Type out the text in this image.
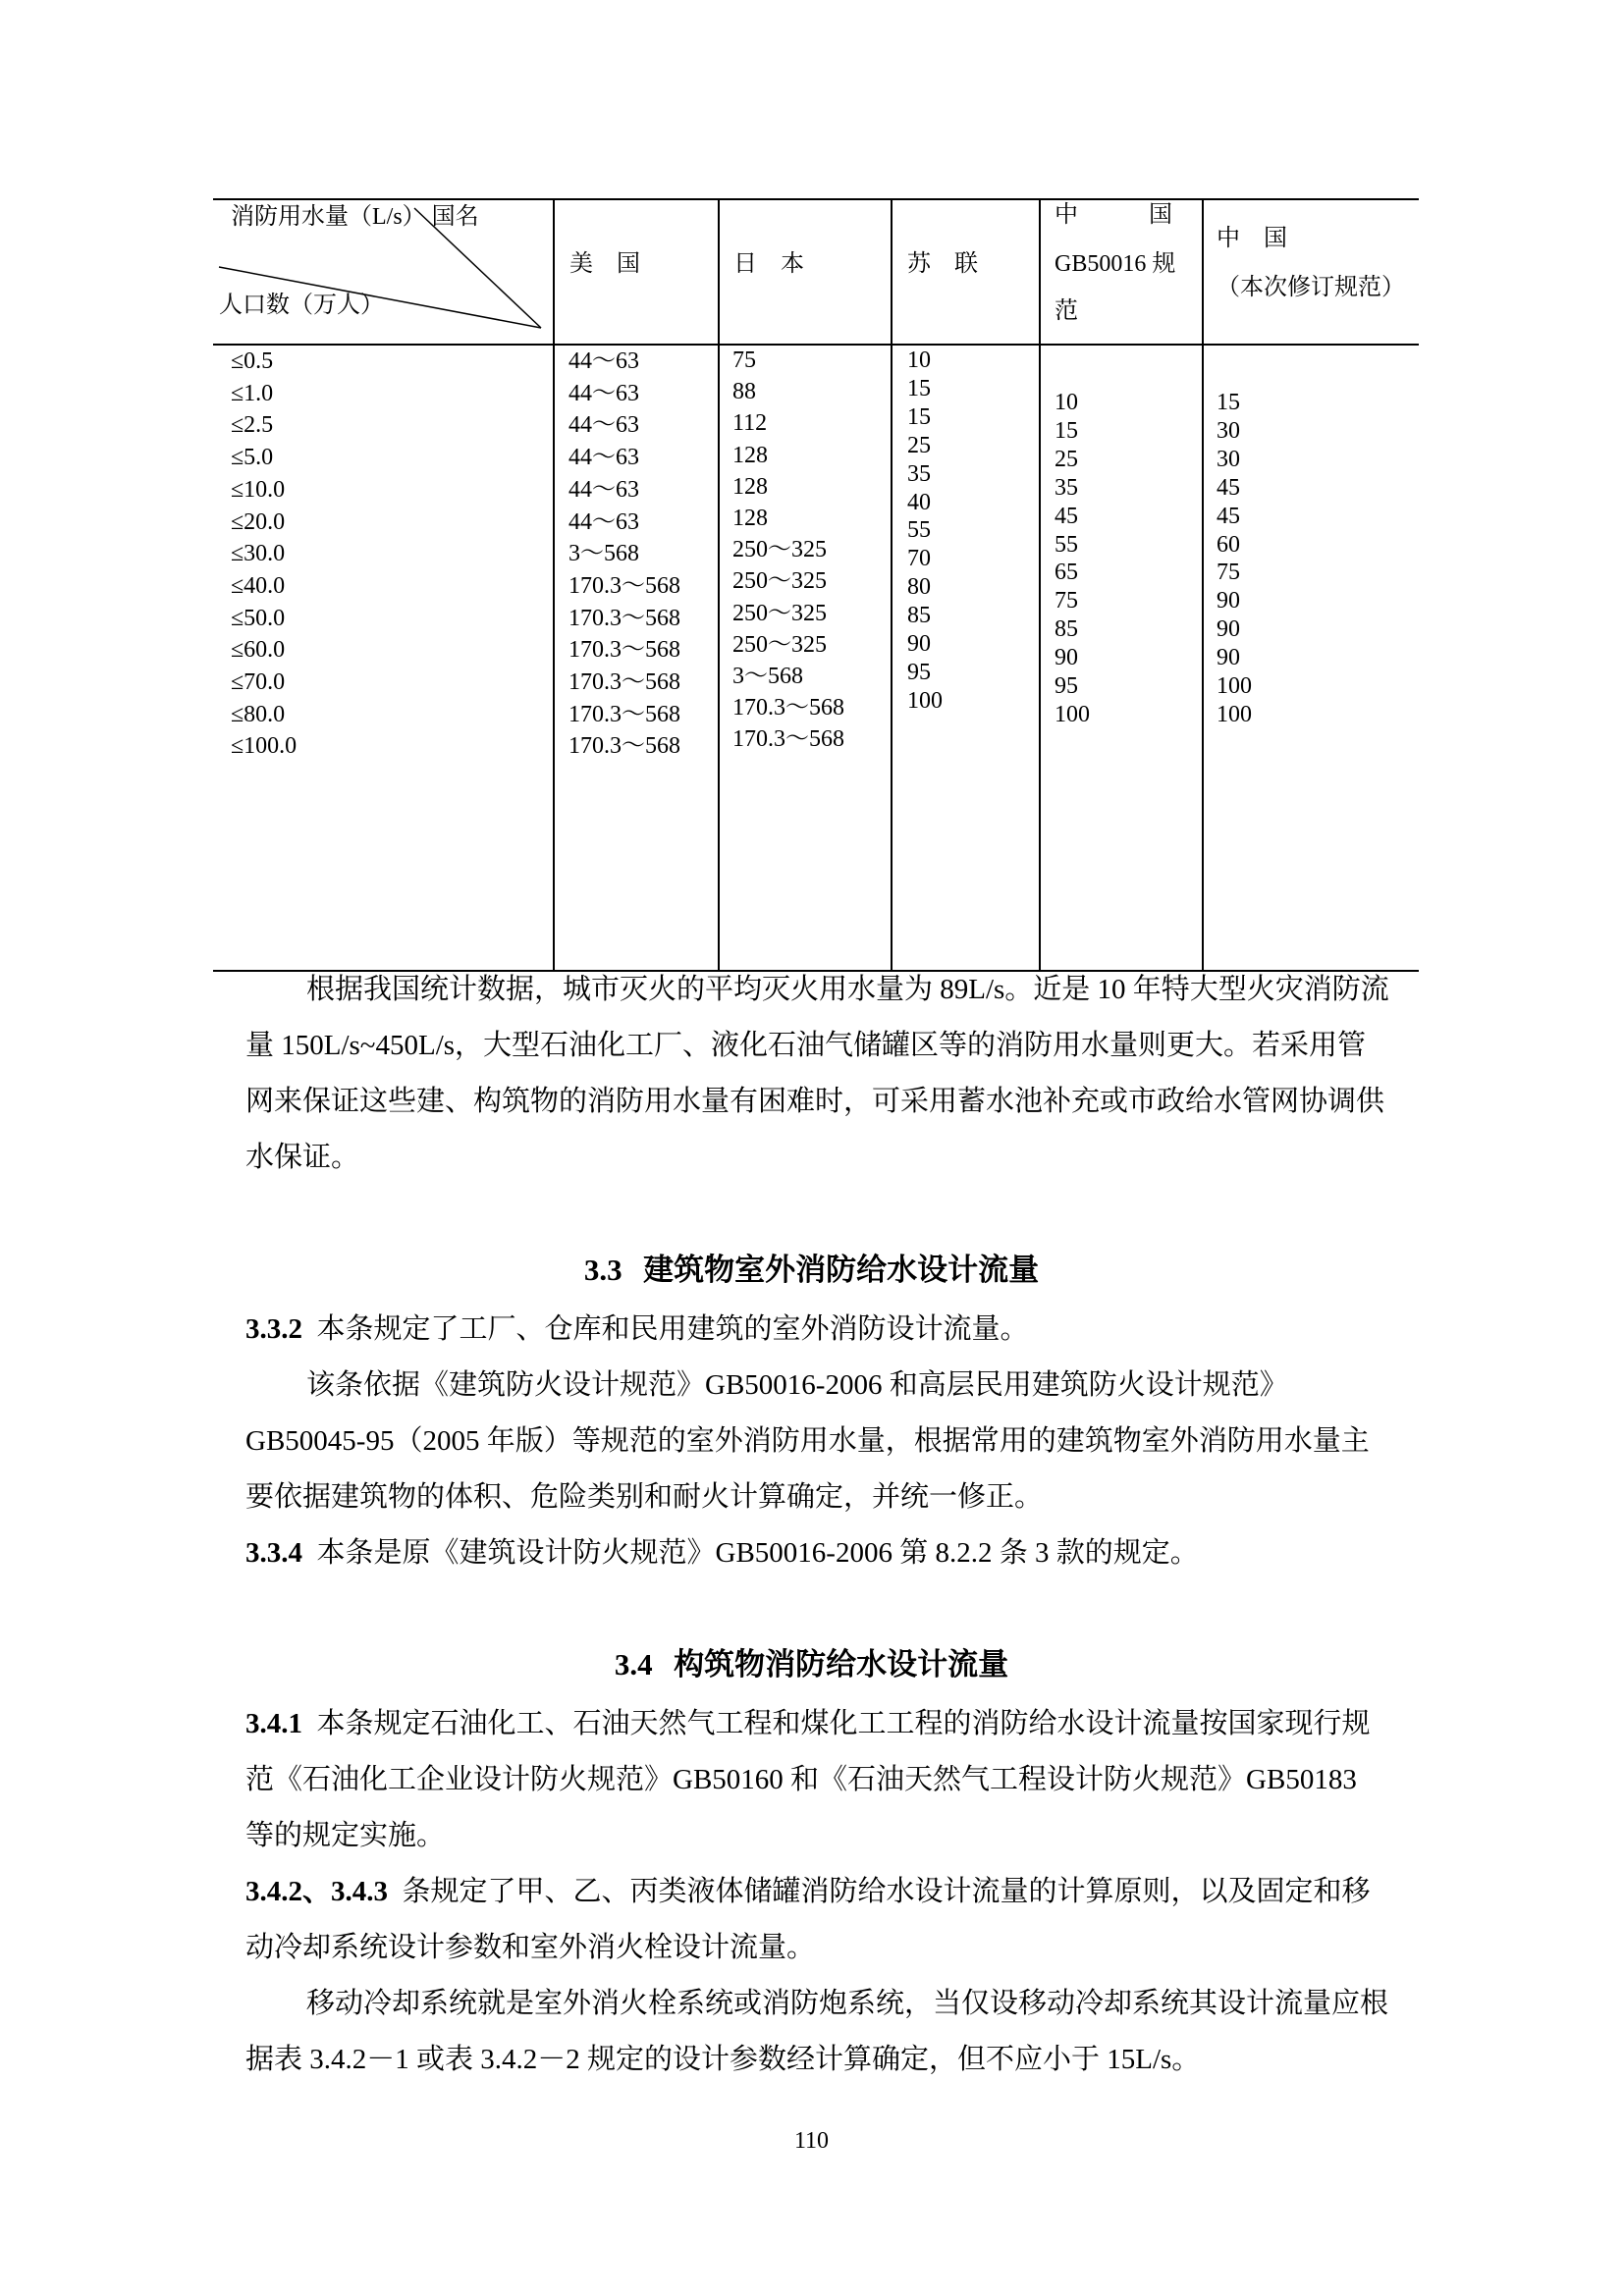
消防用水量（L/s） 国名
人口数（万人）
美　国	日　本	苏　联
中　　　国
GB50016 规
范
中　国
（本次修订规范）
≤0.5
≤1.0
≤2.5
≤5.0
≤10.0
≤20.0
≤30.0
≤40.0
≤50.0
≤60.0
≤70.0
≤80.0
≤100.0
44～63
44～63
44～63
44～63
44～63
44～63
3～568
170.3～568
170.3～568
170.3～568
170.3～568
170.3～568
170.3～568
75
88
112
128
128
128
250～325
250～325
250～325
250～325
3～568
170.3～568
170.3～568
10
15
15
25
35
40
55
70
80
85
90
95
100
10
15
25
35
45
55
65
75
85
90
95
100
15
30
30
45
45
60
75
90
90
90
100
100

根据我国统计数据，城市灭火的平均灭火用水量为 89L/s。近是 10 年特大型火灾消防流量 150L/s~450L/s，大型石油化工厂、液化石油气储罐区等的消防用水量则更大。若采用管网来保证这些建、构筑物的消防用水量有困难时，可采用蓄水池补充或市政给水管网协调供水保证。

3.3 建筑物室外消防给水设计流量

3.3.2 本条规定了工厂、仓库和民用建筑的室外消防设计流量。

该条依据《建筑防火设计规范》GB50016-2006 和高层民用建筑防火设计规范》GB50045-95（2005 年版）等规范的室外消防用水量，根据常用的建筑物室外消防用水量主要依据建筑物的体积、危险类别和耐火计算确定，并统一修正。

3.3.4 本条是原《建筑设计防火规范》GB50016-2006 第 8.2.2 条 3 款的规定。

3.4 构筑物消防给水设计流量

3.4.1 本条规定石油化工、石油天然气工程和煤化工工程的消防给水设计流量按国家现行规范《石油化工企业设计防火规范》GB50160 和《石油天然气工程设计防火规范》GB50183 等的规定实施。

3.4.2、3.4.3 条规定了甲、乙、丙类液体储罐消防给水设计流量的计算原则，以及固定和移动冷却系统设计参数和室外消火栓设计流量。

移动冷却系统就是室外消火栓系统或消防炮系统，当仅设移动冷却系统其设计流量应根据表 3.4.2－1 或表 3.4.2－2 规定的设计参数经计算确定，但不应小于 15L/s。

110
